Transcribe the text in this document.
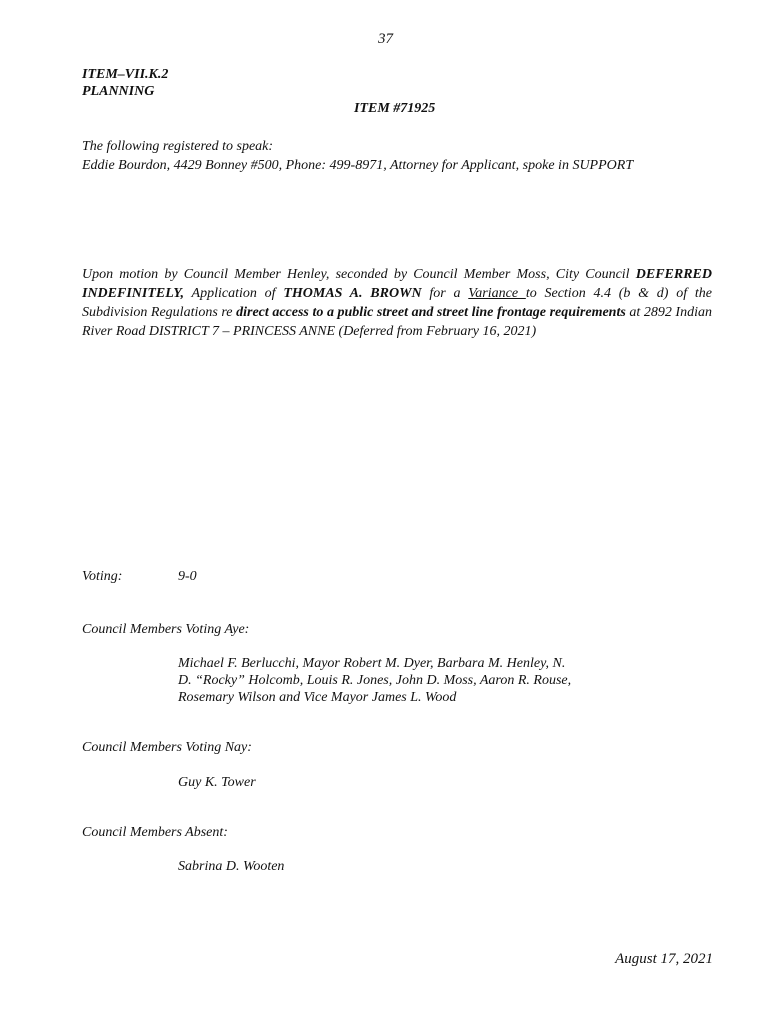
37
ITEM–VII.K.2
PLANNING
ITEM #71925
The following registered to speak:
Eddie Bourdon, 4429 Bonney #500, Phone: 499-8971, Attorney for Applicant, spoke in SUPPORT
Upon motion by Council Member Henley, seconded by Council Member Moss, City Council DEFERRED INDEFINITELY, Application of THOMAS A. BROWN for a Variance to Section 4.4 (b & d) of the Subdivision Regulations re direct access to a public street and street line frontage requirements at 2892 Indian River Road DISTRICT 7 – PRINCESS ANNE (Deferred from February 16, 2021)
Voting:	9-0
Council Members Voting Aye:
Michael F. Berlucchi, Mayor Robert M. Dyer, Barbara M. Henley, N.
D. “Rocky” Holcomb, Louis R. Jones, John D. Moss, Aaron R. Rouse,
Rosemary Wilson and Vice Mayor James L. Wood
Council Members Voting Nay:
Guy K. Tower
Council Members Absent:
Sabrina D. Wooten
August 17, 2021
